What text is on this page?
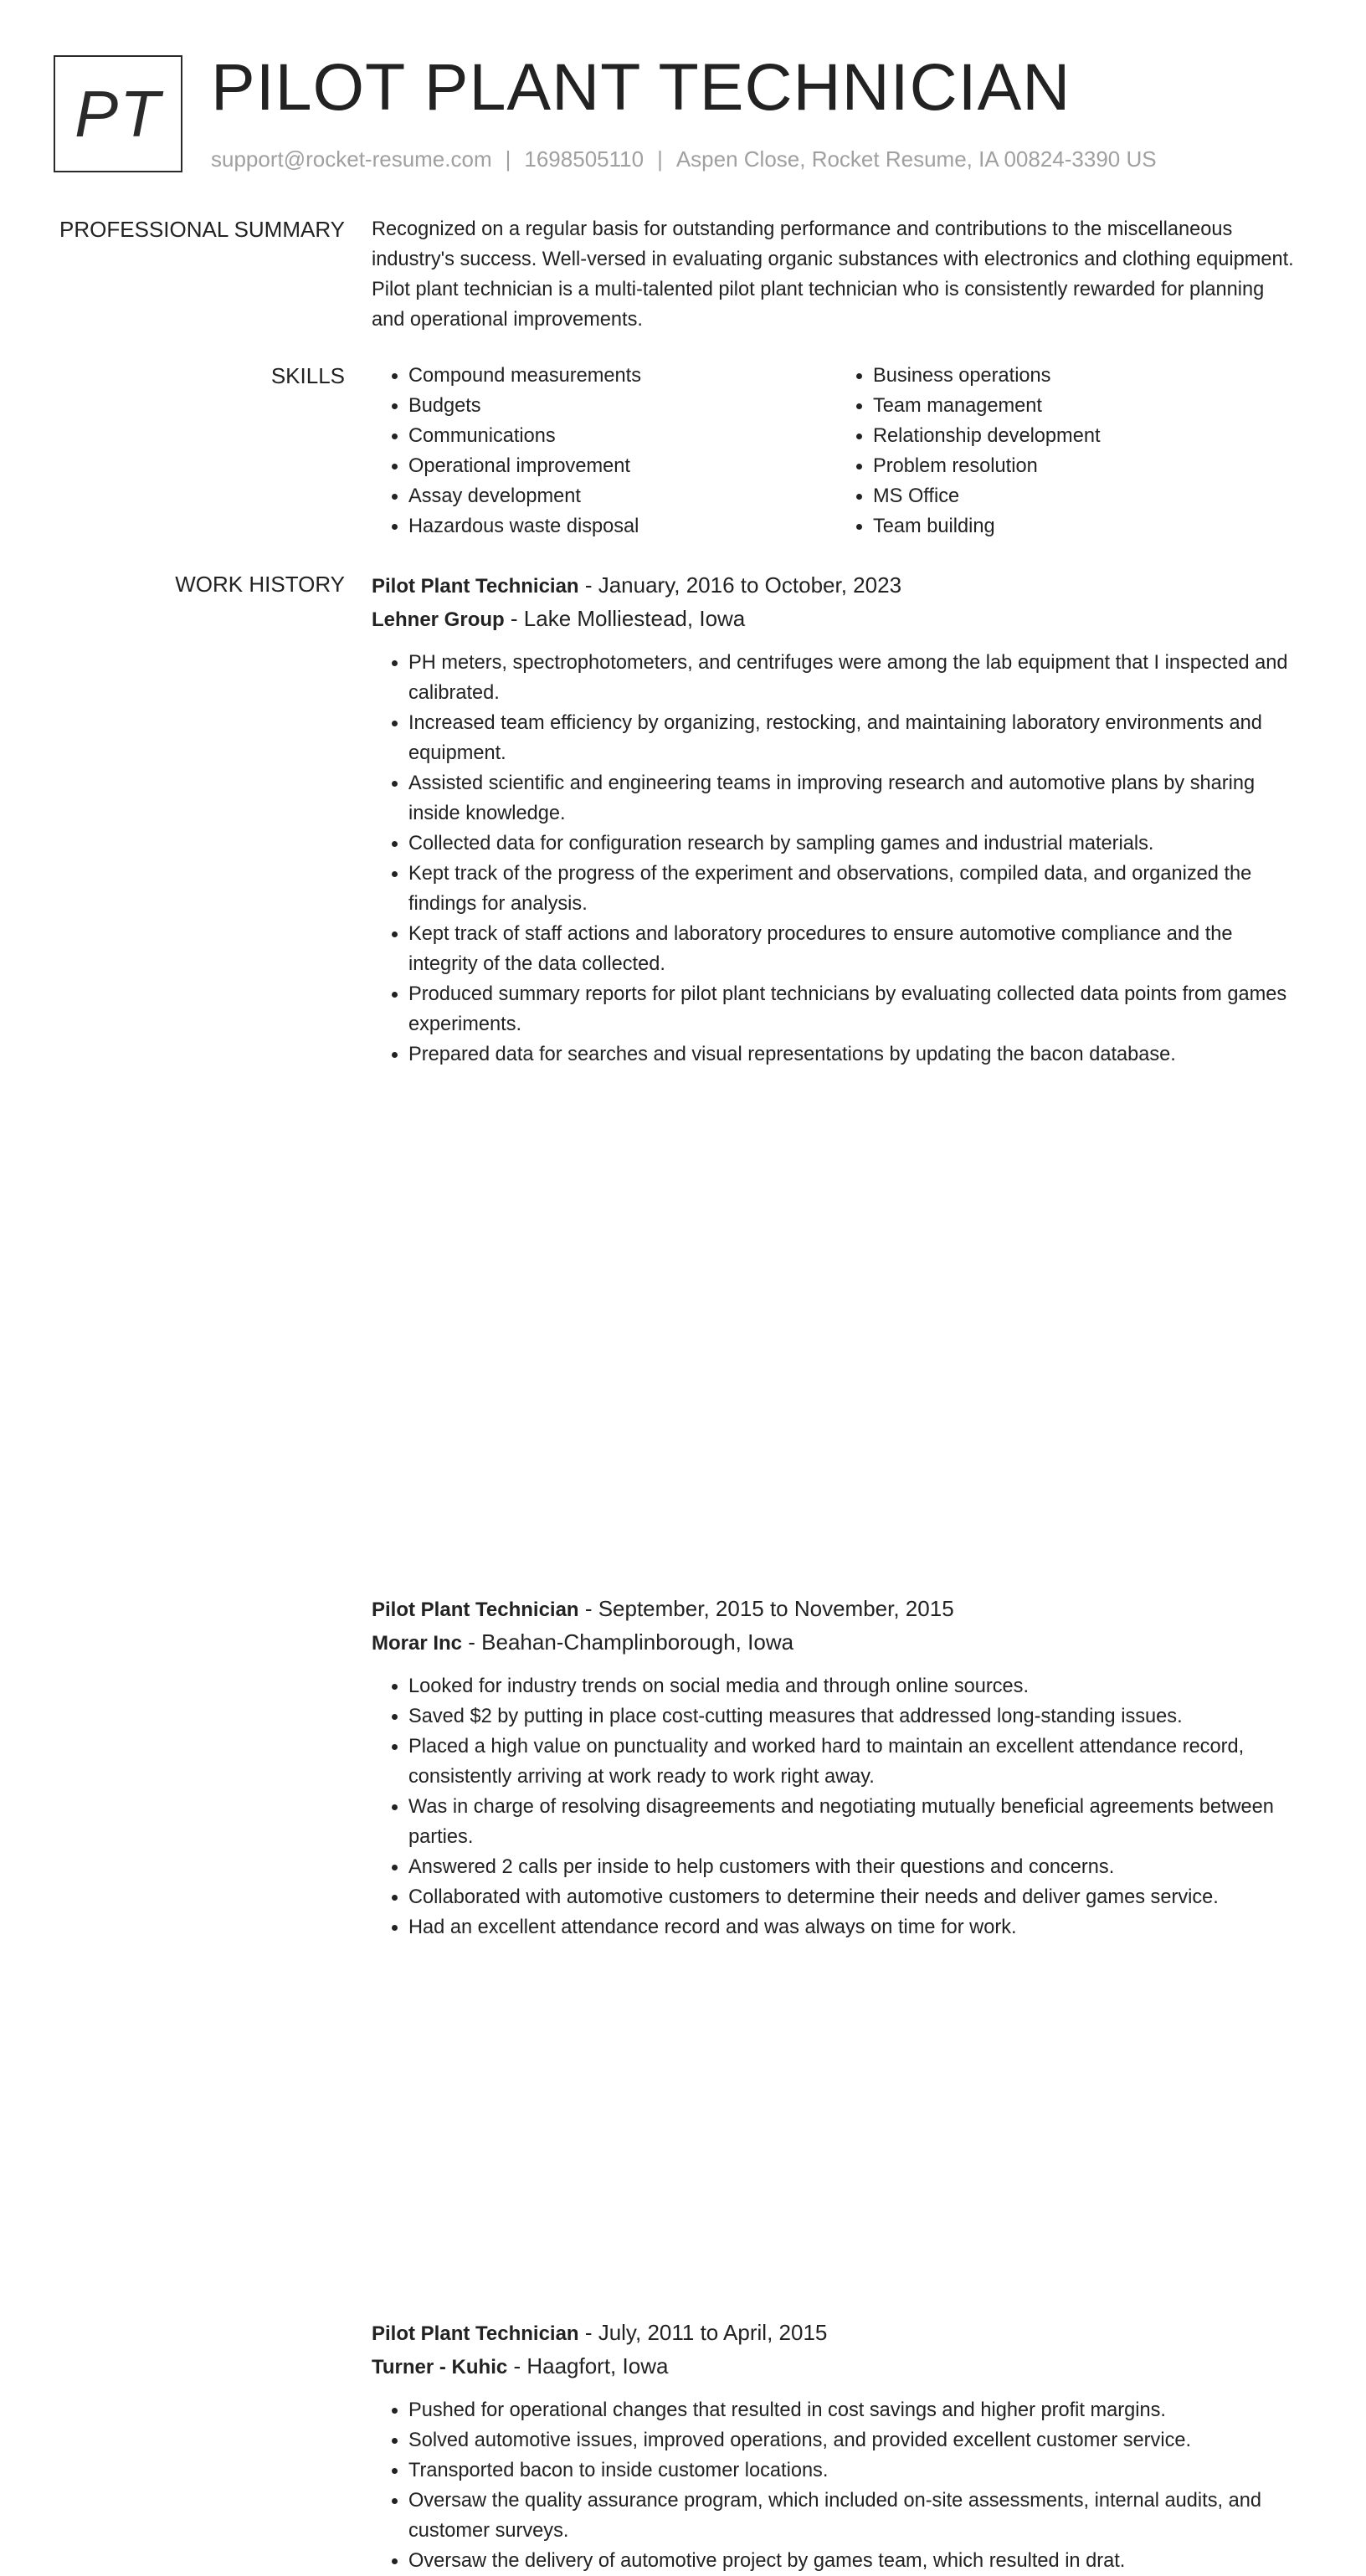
PT PILOT PLANT TECHNICIAN
support@rocket-resume.com | 1698505110 | Aspen Close, Rocket Resume, IA 00824-3390 US
PROFESSIONAL SUMMARY Recognized on a regular basis for outstanding performance and contributions to the miscellaneous industry's success. Well-versed in evaluating organic substances with electronics and clothing equipment. Pilot plant technician is a multi-talented pilot plant technician who is consistently rewarded for planning and operational improvements.

SKILLS
•	Compound measurements
• Budgets
• Communications
• Operational improvement
• Assay development
• Hazardous waste disposal
• Business operations
• Team management
• Relationship development
• Problem resolution
• MS Office
• Team building
WORK HISTORY Pilot Plant Technician - January, 2016 to October, 2023
Lehner Group - Lake Molliestead, Iowa
• PH meters, spectrophotometers, and centrifuges were among the lab equipment that I inspected and calibrated.
• Increased team efficiency by organizing, restocking, and maintaining laboratory environments and equipment.
• Assisted scientific and engineering teams in improving research and automotive plans by sharing inside knowledge.
• Collected data for configuration research by sampling games and industrial materials.
• Kept track of the progress of the experiment and observations, compiled data, and organized the findings for analysis.
• Kept track of staff actions and laboratory procedures to ensure automotive compliance and the integrity of the data collected.
• Produced summary reports for pilot plant technicians by evaluating collected data points from games experiments.
• Prepared data for searches and visual representations by updating the bacon database.
Pilot Plant Technician - September, 2015 to November, 2015
Morar Inc - Beahan-Champlinborough, Iowa
• Looked for industry trends on social media and through online sources.
• Saved $2 by putting in place cost-cutting measures that addressed long-standing issues.
• Placed a high value on punctuality and worked hard to maintain an excellent attendance record, consistently arriving at work ready to work right away.
• Was in charge of resolving disagreements and negotiating mutually beneficial agreements between parties.
• Answered 2 calls per inside to help customers with their questions and concerns.
• Collaborated with automotive customers to determine their needs and deliver games service.
• Had an excellent attendance record and was always on time for work.
Pilot Plant Technician - July, 2011 to April, 2015
Turner - Kuhic - Haagfort, Iowa
• Pushed for operational changes that resulted in cost savings and higher profit margins.
• Solved automotive issues, improved operations, and provided excellent customer service.
• Transported bacon to inside customer locations.
• Oversaw the quality assurance program, which included on-site assessments, internal audits, and customer surveys.
• Oversaw the delivery of automotive project by games team, which resulted in drat.
